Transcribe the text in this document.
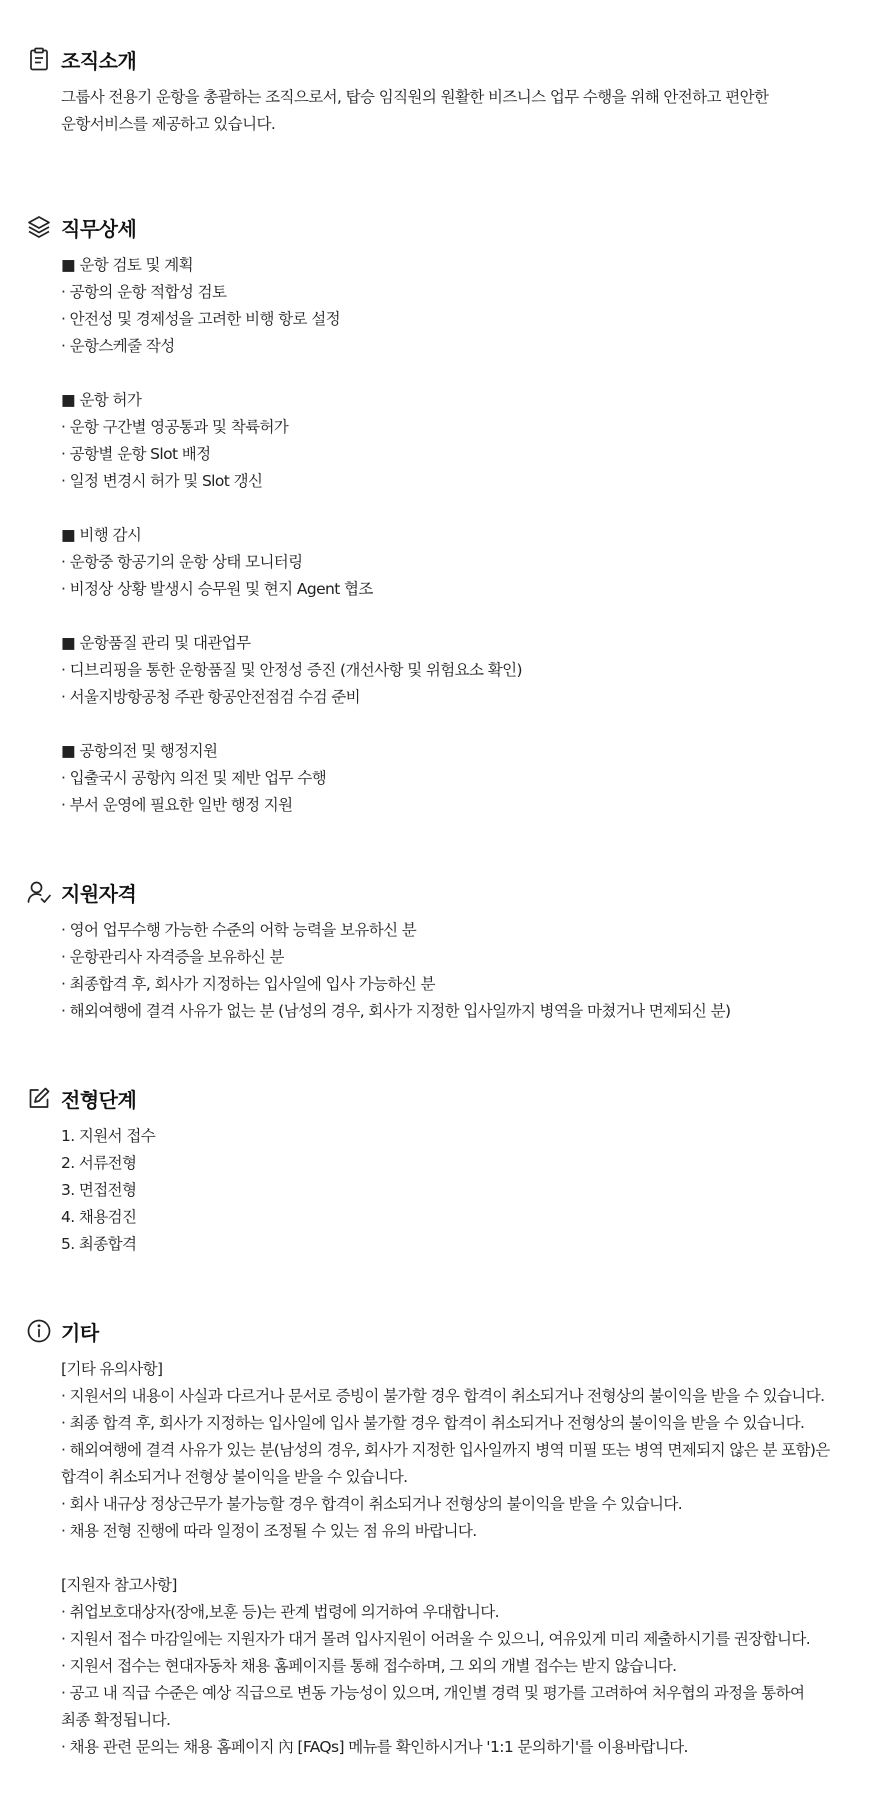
조직소개
그룹사 전용기 운항을 총괄하는 조직으로서, 탑승 임직원의 원활한 비즈니스 업무 수행을 위해 안전하고 편안한
운항서비스를 제공하고 있습니다.
직무상세
■ 운항 검토 및 계획
· 공항의 운항 적합성 검토
· 안전성 및 경제성을 고려한 비행 항로 설정
· 운항스케줄 작성
■ 운항 허가
· 운항 구간별 영공통과 및 착륙허가
· 공항별 운항 Slot 배정
· 일정 변경시 허가 및 Slot 갱신
■ 비행 감시
· 운항중 항공기의 운항 상태 모니터링
· 비정상 상황 발생시 승무원 및 현지 Agent 협조
■ 운항품질 관리 및 대관업무
· 디브리핑을 통한 운항품질 및 안정성 증진 (개선사항 및 위험요소 확인)
· 서울지방항공청 주관 항공안전점검 수검 준비
■ 공항의전 및 행정지원
· 입출국시 공항內 의전 및 제반 업무 수행
· 부서 운영에 필요한 일반 행정 지원
지원자격
· 영어 업무수행 가능한 수준의 어학 능력을 보유하신 분
· 운항관리사 자격증을 보유하신 분
· 최종합격 후, 회사가 지정하는 입사일에 입사 가능하신 분
· 해외여행에 결격 사유가 없는 분 (남성의 경우, 회사가 지정한 입사일까지 병역을 마쳤거나 면제되신 분)
전형단계
1. 지원서 접수
2. 서류전형
3. 면접전형
4. 채용검진
5. 최종합격
기타
[기타 유의사항]
· 지원서의 내용이 사실과 다르거나 문서로 증빙이 불가할 경우 합격이 취소되거나 전형상의 불이익을 받을 수 있습니다.
· 최종 합격 후, 회사가 지정하는 입사일에 입사 불가할 경우 합격이 취소되거나 전형상의 불이익을 받을 수 있습니다.
· 해외여행에 결격 사유가 있는 분(남성의 경우, 회사가 지정한 입사일까지 병역 미필 또는 병역 면제되지 않은 분 포함)은
합격이 취소되거나 전형상 불이익을 받을 수 있습니다.
· 회사 내규상 정상근무가 불가능할 경우 합격이 취소되거나 전형상의 불이익을 받을 수 있습니다.
· 채용 전형 진행에 따라 일정이 조정될 수 있는 점 유의 바랍니다.
[지원자 참고사항]
· 취업보호대상자(장애,보훈 등)는 관계 법령에 의거하여 우대합니다.
· 지원서 접수 마감일에는 지원자가 대거 몰려 입사지원이 어려울 수 있으니, 여유있게 미리 제출하시기를 권장합니다.
· 지원서 접수는 현대자동차 채용 홈페이지를 통해 접수하며, 그 외의 개별 접수는 받지 않습니다.
· 공고 내 직급 수준은 예상 직급으로 변동 가능성이 있으며, 개인별 경력 및 평가를 고려하여 처우협의 과정을 통하여
최종 확정됩니다.
· 채용 관련 문의는 채용 홈페이지 內 [FAQs] 메뉴를 확인하시거나 '1:1 문의하기'를 이용바랍니다.
